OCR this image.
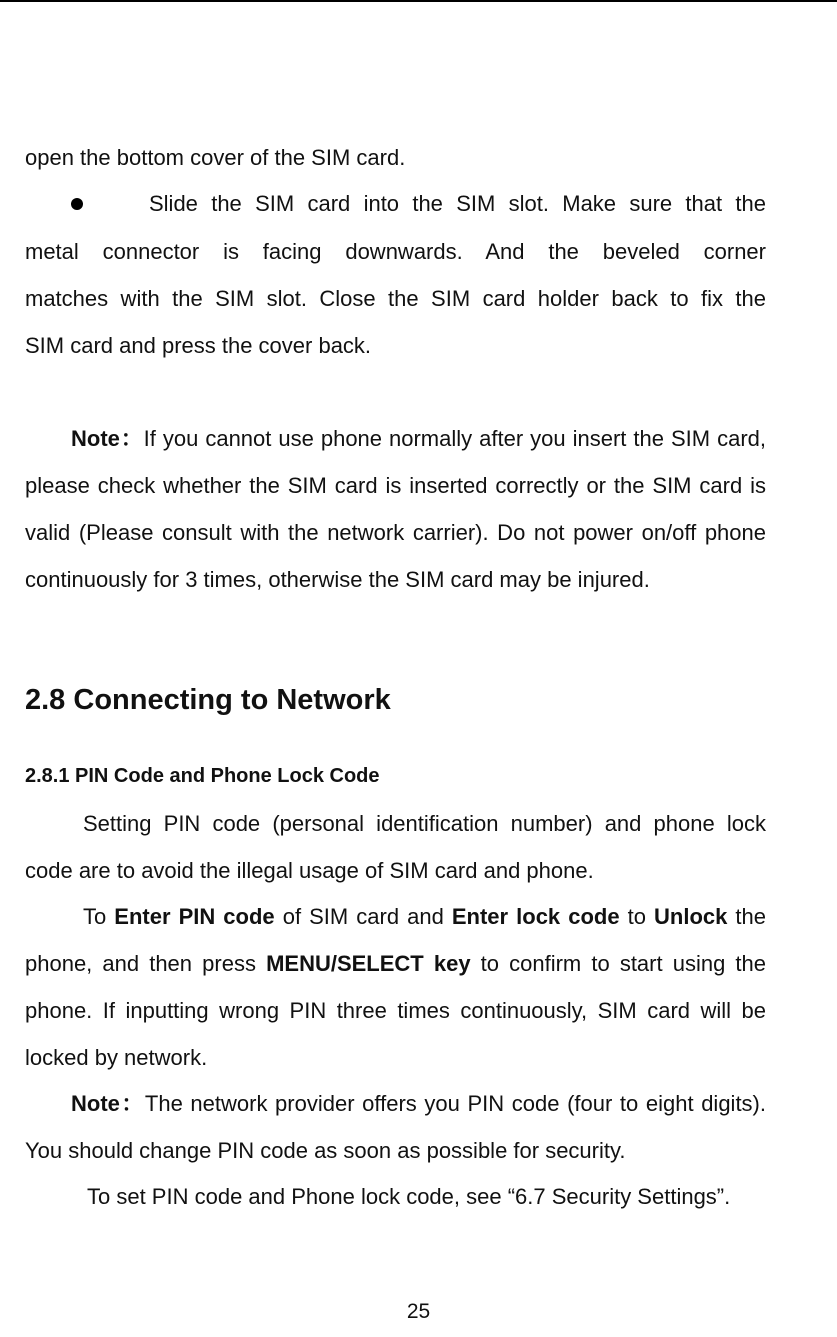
open the bottom cover of the SIM card.
Slide the SIM card into the SIM slot. Make sure that the
metal connector is facing downwards. And the beveled corner
matches with the SIM slot. Close the SIM card holder back to fix the
SIM card and press the cover back.
Note：If you cannot use phone normally after you insert the SIM card, please check whether the SIM card is inserted correctly or the SIM card is valid (Please consult with the network carrier). Do not power on/off phone continuously for 3 times, otherwise the SIM card may be injured.
2.8 Connecting to Network
2.8.1 PIN Code and Phone Lock Code
Setting PIN code (personal identification number) and phone lock code are to avoid the illegal usage of SIM card and phone.
To Enter PIN code of SIM card and Enter lock code to Unlock the phone, and then press MENU/SELECT key to confirm to start using the phone. If inputting wrong PIN three times continuously, SIM card will be locked by network.
Note：The network provider offers you PIN code (four to eight digits). You should change PIN code as soon as possible for security.
To set PIN code and Phone lock code, see “6.7 Security Settings”.
25
